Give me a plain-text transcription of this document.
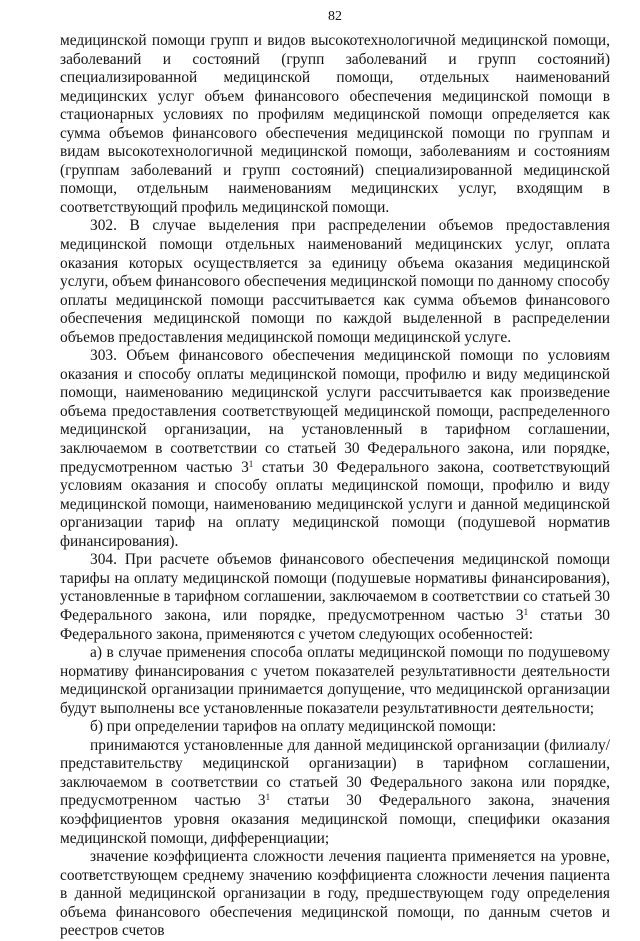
82

медицинской помощи групп и видов высокотехнологичной медицинской помощи, заболеваний и состояний (групп заболеваний и групп состояний) специализированной медицинской помощи, отдельных наименований медицинских услуг объем финансового обеспечения медицинской помощи в стационарных условиях по профилям медицинской помощи определяется как сумма объемов финансового обеспечения медицинской помощи по группам и видам высокотехнологичной медицинской помощи, заболеваниям и состояниям (группам заболеваний и групп состояний) специализированной медицинской помощи, отдельным наименованиям медицинских услуг, входящим в соответствующий профиль медицинской помощи.

302. В случае выделения при распределении объемов предоставления медицинской помощи отдельных наименований медицинских услуг, оплата оказания которых осуществляется за единицу объема оказания медицинской услуги, объем финансового обеспечения медицинской помощи по данному способу оплаты медицинской помощи рассчитывается как сумма объемов финансового обеспечения медицинской помощи по каждой выделенной в распределении объемов предоставления медицинской помощи медицинской услуге.

303. Объем финансового обеспечения медицинской помощи по условиям оказания и способу оплаты медицинской помощи, профилю и виду медицинской помощи, наименованию медицинской услуги рассчитывается как произведение объема предоставления соответствующей медицинской помощи, распределенного медицинской организации, на установленный в тарифном соглашении, заключаемом в соответствии со статьей 30 Федерального закона, или порядке, предусмотренном частью $3^1$ статьи 30 Федерального закона, соответствующий условиям оказания и способу оплаты медицинской помощи, профилю и виду медицинской помощи, наименованию медицинской услуги и данной медицинской организации тариф на оплату медицинской помощи (подушевой норматив финансирования).

304. При расчете объемов финансового обеспечения медицинской помощи тарифы на оплату медицинской помощи (подушевые нормативы финансирования), установленные в тарифном соглашении, заключаемом в соответствии со статьей 30 Федерального закона, или порядке, предусмотренном частью $3^1$ статьи 30 Федерального закона, применяются с учетом следующих особенностей:

а) в случае применения способа оплаты медицинской помощи по подушевому нормативу финансирования с учетом показателей результативности деятельности медицинской организации принимается допущение, что медицинской организации будут выполнены все установленные показатели результативности деятельности;

б) при определении тарифов на оплату медицинской помощи:

принимаются установленные для данной медицинской организации (филиалу/представительству медицинской организации) в тарифном соглашении, заключаемом в соответствии со статьей 30 Федерального закона или порядке, предусмотренном частью $3^1$ статьи 30 Федерального закона, значения коэффициентов уровня оказания медицинской помощи, специфики оказания медицинской помощи, дифференциации;

значение коэффициента сложности лечения пациента применяется на уровне, соответствующем среднему значению коэффициента сложности лечения пациента в данной медицинской организации в году, предшествующем году определения объема финансового обеспечения медицинской помощи, по данным счетов и реестров счетов
